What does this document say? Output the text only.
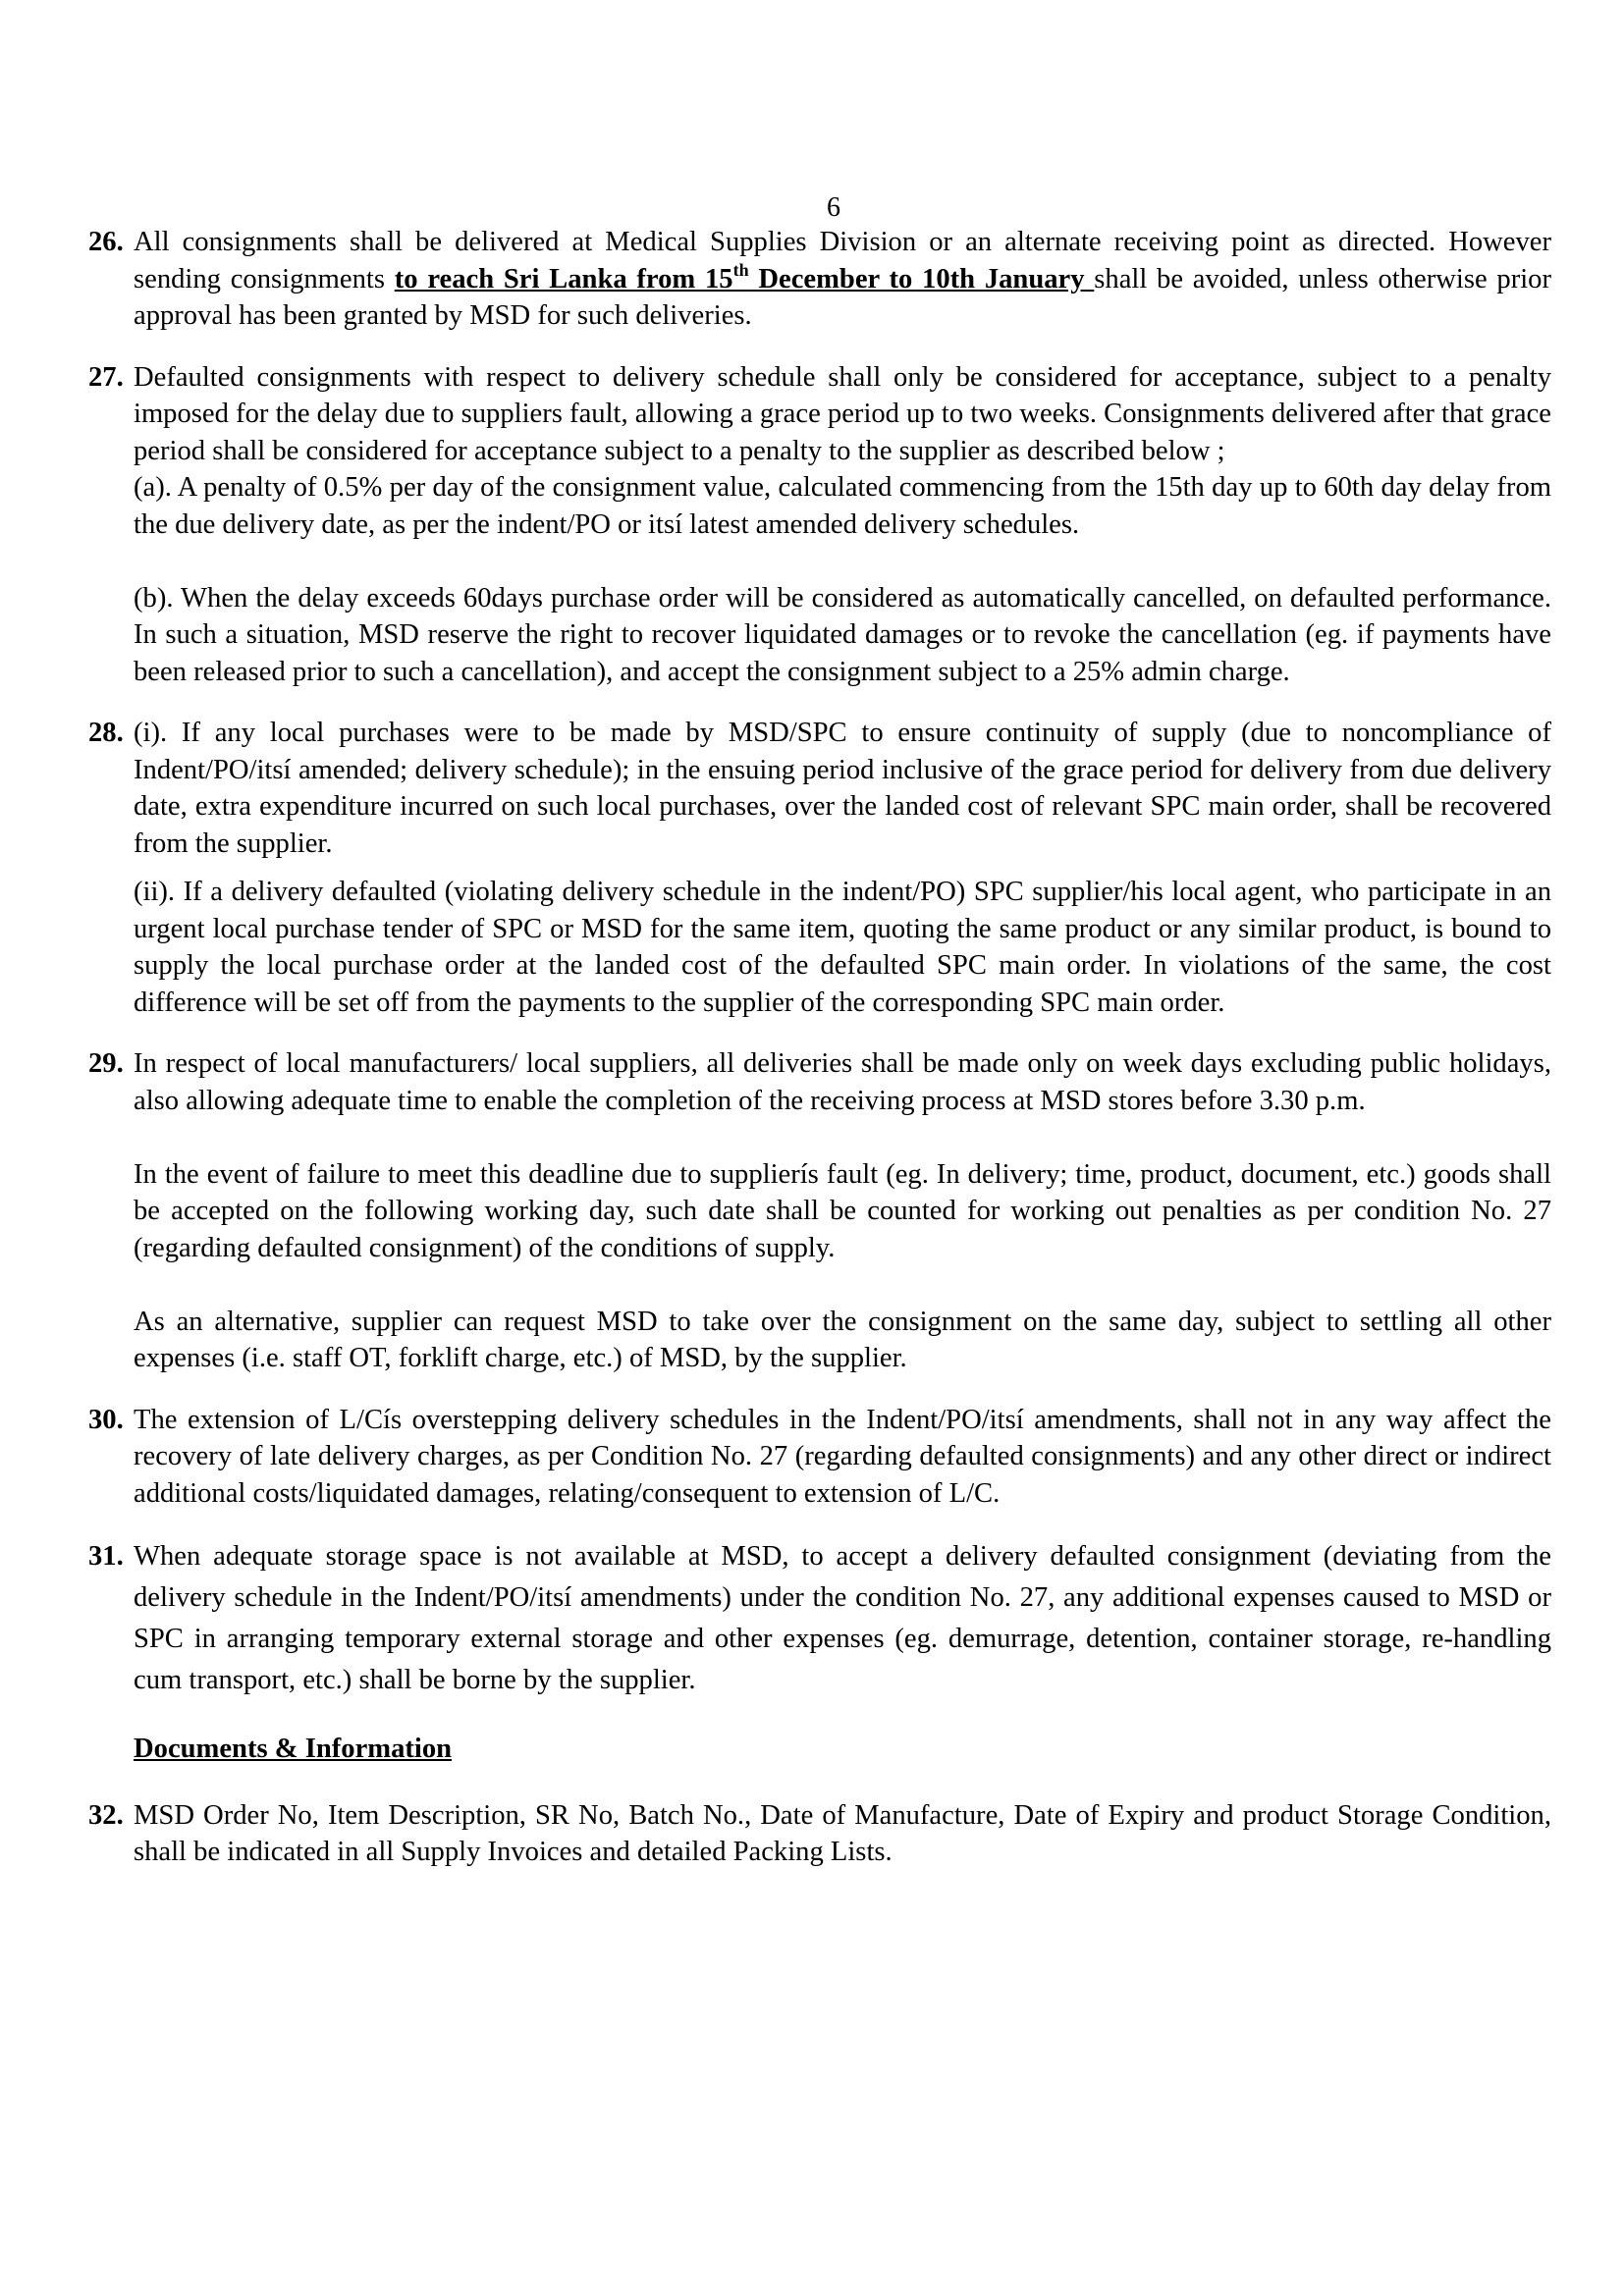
6
26. All consignments shall be delivered at Medical Supplies Division or an alternate receiving point as directed. However sending consignments to reach Sri Lanka from 15th December to 10th January shall be avoided, unless otherwise prior approval has been granted by MSD for such deliveries.

27. Defaulted consignments with respect to delivery schedule shall only be considered for acceptance, subject to a penalty imposed for the delay due to suppliers fault, allowing a grace period up to two weeks. Consignments delivered after that grace period shall be considered for acceptance subject to a penalty to the supplier as described below ;

(a). A penalty of 0.5% per day of the consignment value, calculated commencing from the 15th day up to 60th day delay from the due delivery date, as per the indent/PO or itsí latest amended delivery schedules.

(b). When the delay exceeds 60days purchase order will be considered as automatically cancelled, on defaulted performance. In such a situation, MSD reserve the right to recover liquidated damages or to revoke the cancellation (eg. if payments have been released prior to such a cancellation), and accept the consignment subject to a 25% admin charge.

28. (i). If any local purchases were to be made by MSD/SPC to ensure continuity of supply (due to noncompliance of Indent/PO/itsí amended; delivery schedule); in the ensuing period inclusive of the grace period for delivery from due delivery date, extra expenditure incurred on such local purchases, over the landed cost of relevant SPC main order, shall be recovered from the supplier.

(ii). If a delivery defaulted (violating delivery schedule in the indent/PO) SPC supplier/his local agent, who participate in an urgent local purchase tender of SPC or MSD for the same item, quoting the same product or any similar product, is bound to supply the local purchase order at the landed cost of the defaulted SPC main order. In violations of the same, the cost difference will be set off from the payments to the supplier of the corresponding SPC main order.

29. In respect of local manufacturers/ local suppliers, all deliveries shall be made only on week days excluding public holidays, also allowing adequate time to enable the completion of the receiving process at MSD stores before 3.30 p.m.

In the event of failure to meet this deadline due to supplierís fault (eg. In delivery; time, product, document, etc.) goods shall be accepted on the following working day, such date shall be counted for working out penalties as per condition No. 27 (regarding defaulted consignment) of the conditions of supply.

As an alternative, supplier can request MSD to take over the consignment on the same day, subject to settling all other expenses (i.e. staff OT, forklift charge, etc.) of MSD, by the supplier.

30. The extension of L/Cís overstepping delivery schedules in the Indent/PO/itsí amendments, shall not in any way affect the recovery of late delivery charges, as per Condition No. 27 (regarding defaulted consignments) and any other direct or indirect additional costs/liquidated damages, relating/consequent to extension of L/C.

31. When adequate storage space is not available at MSD, to accept a delivery defaulted consignment (deviating from the delivery schedule in the Indent/PO/itsí amendments) under the condition No. 27, any additional expenses caused to MSD or SPC in arranging temporary external storage and other expenses (eg. demurrage, detention, container storage, re-handling cum transport, etc.) shall be borne by the supplier.

Documents & Information

32. MSD Order No, Item Description, SR No, Batch No., Date of Manufacture, Date of Expiry and product Storage Condition, shall be indicated in all Supply Invoices and detailed Packing Lists.
